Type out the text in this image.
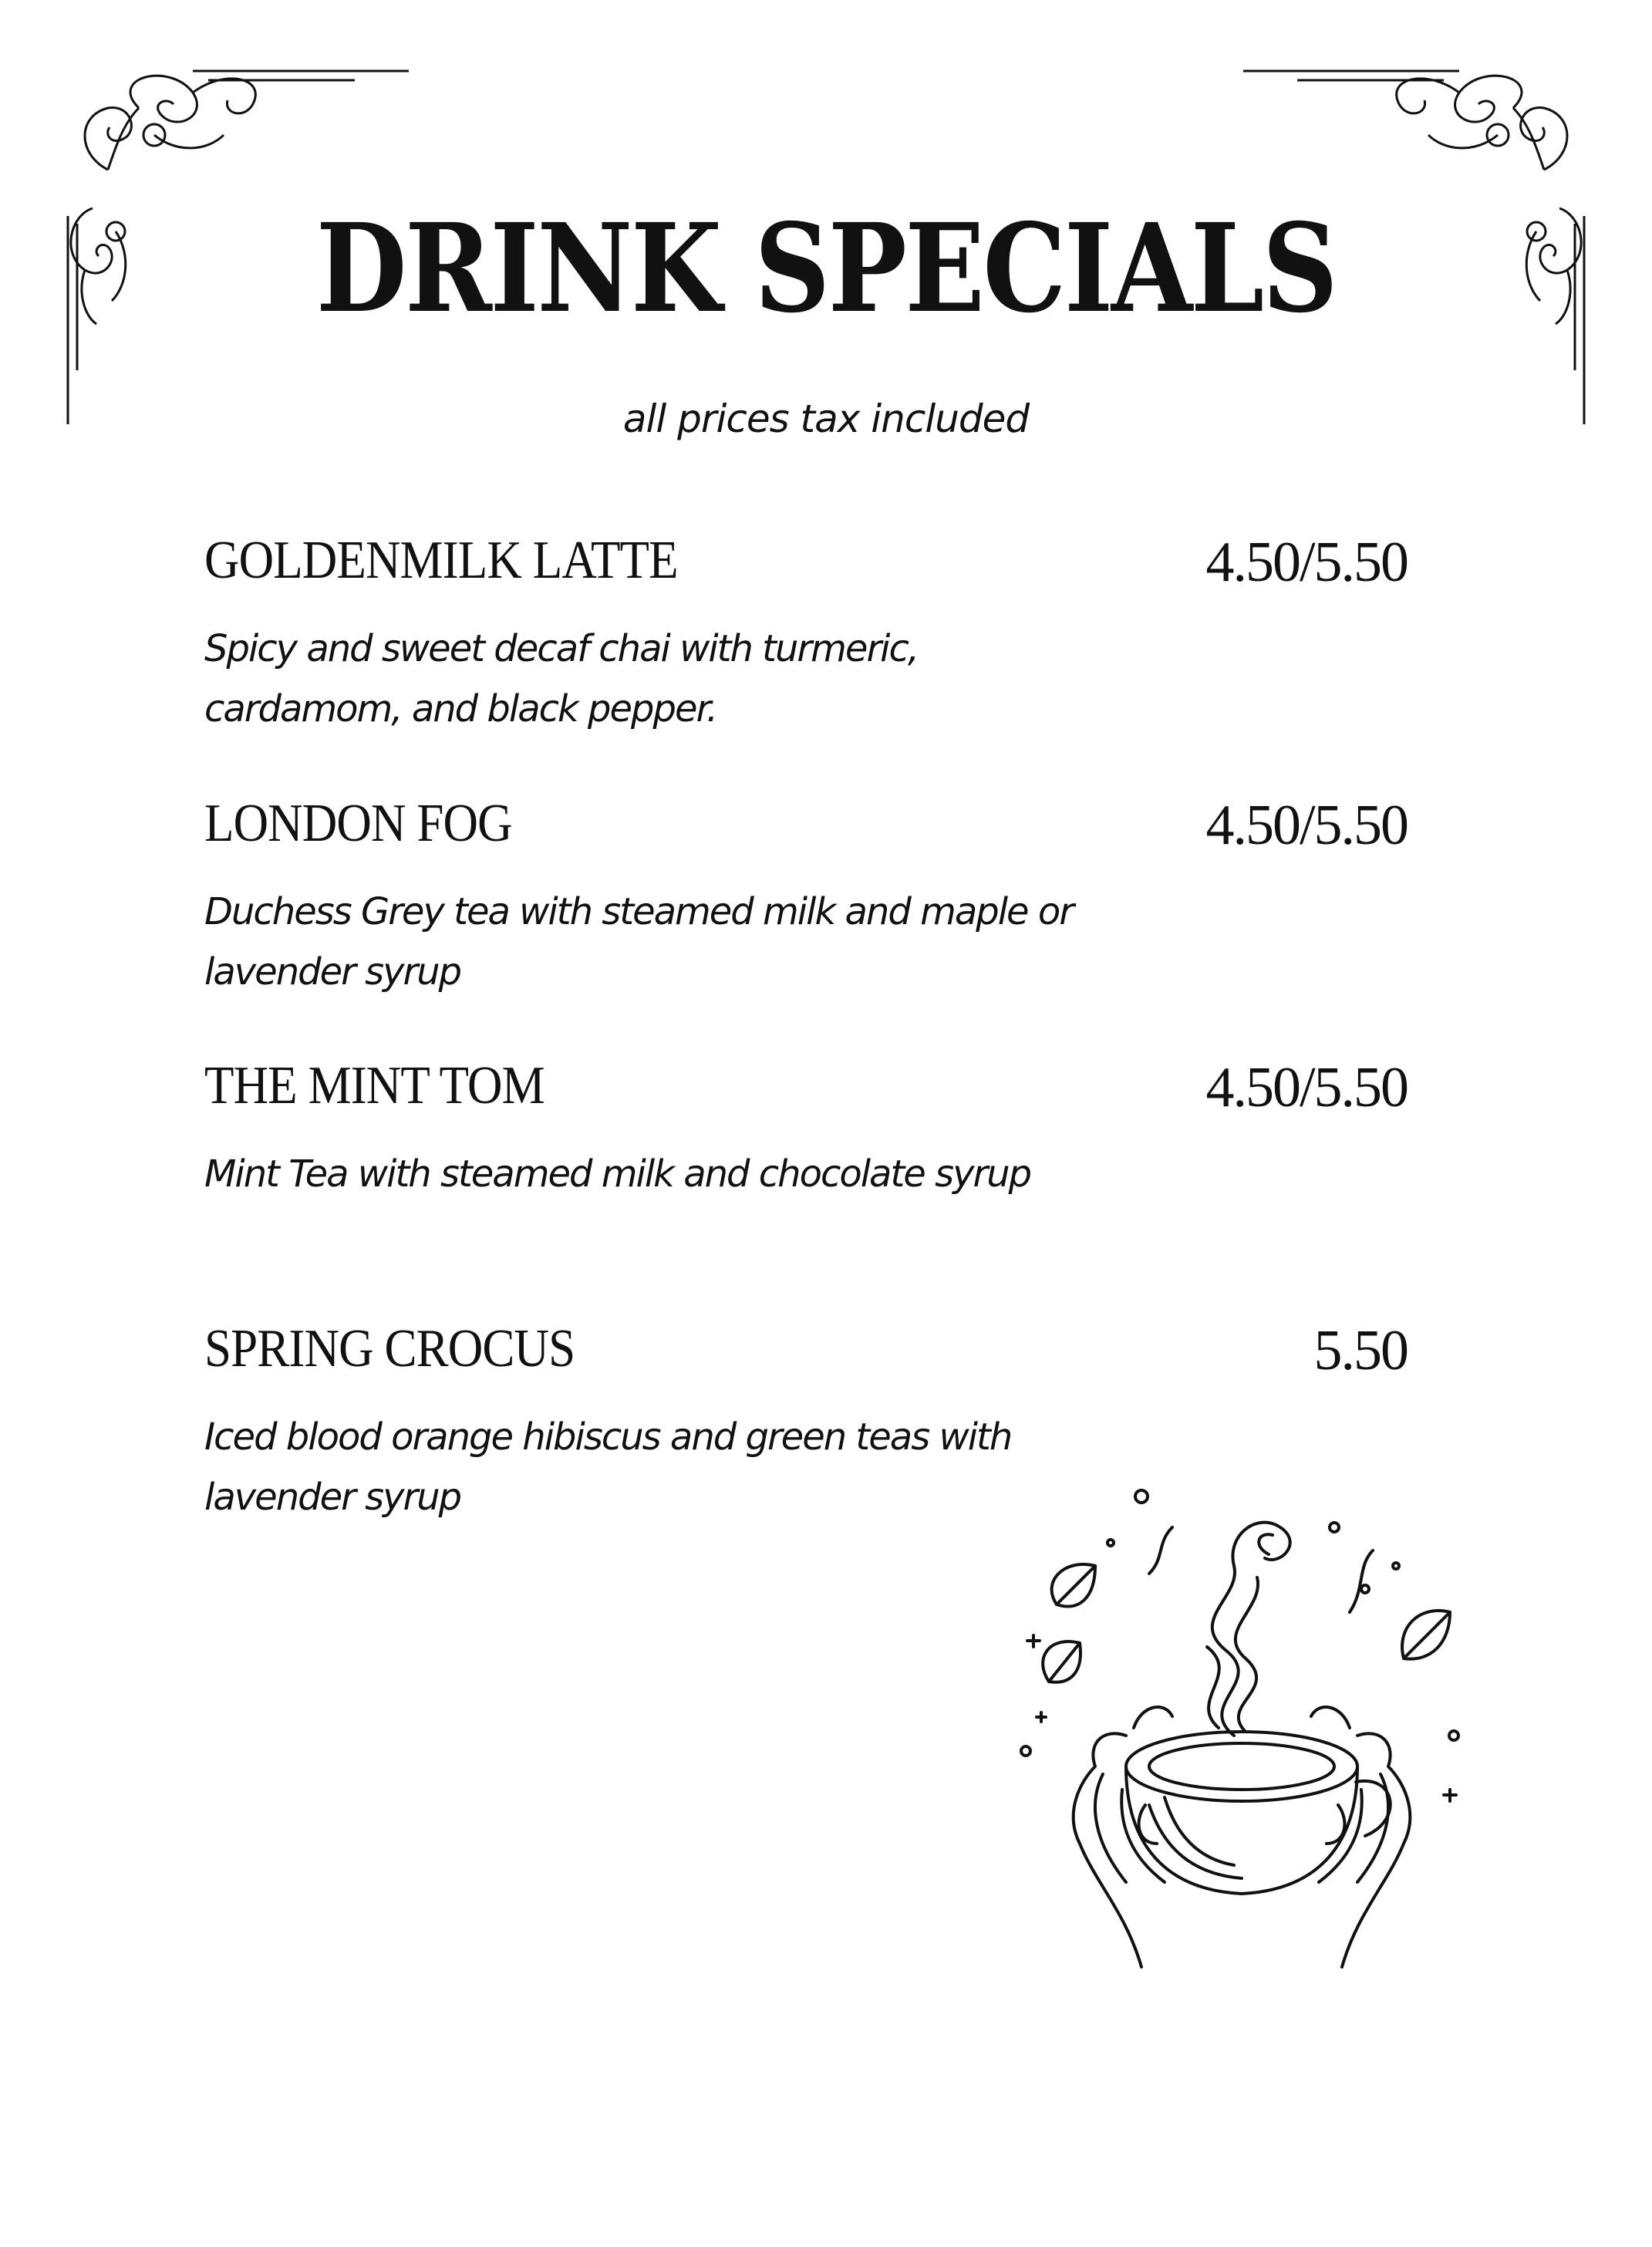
DRINK SPECIALS
all prices tax included
GOLDENMILK LATTE	4.50/5.50
Spicy and sweet decaf chai with turmeric, cardamom, and black pepper.
LONDON FOG	4.50/5.50
Duchess Grey tea with steamed milk and maple or lavender syrup
THE MINT TOM	4.50/5.50
Mint Tea with steamed milk and chocolate syrup
SPRING CROCUS	5.50
Iced blood orange hibiscus and green teas with lavender syrup
